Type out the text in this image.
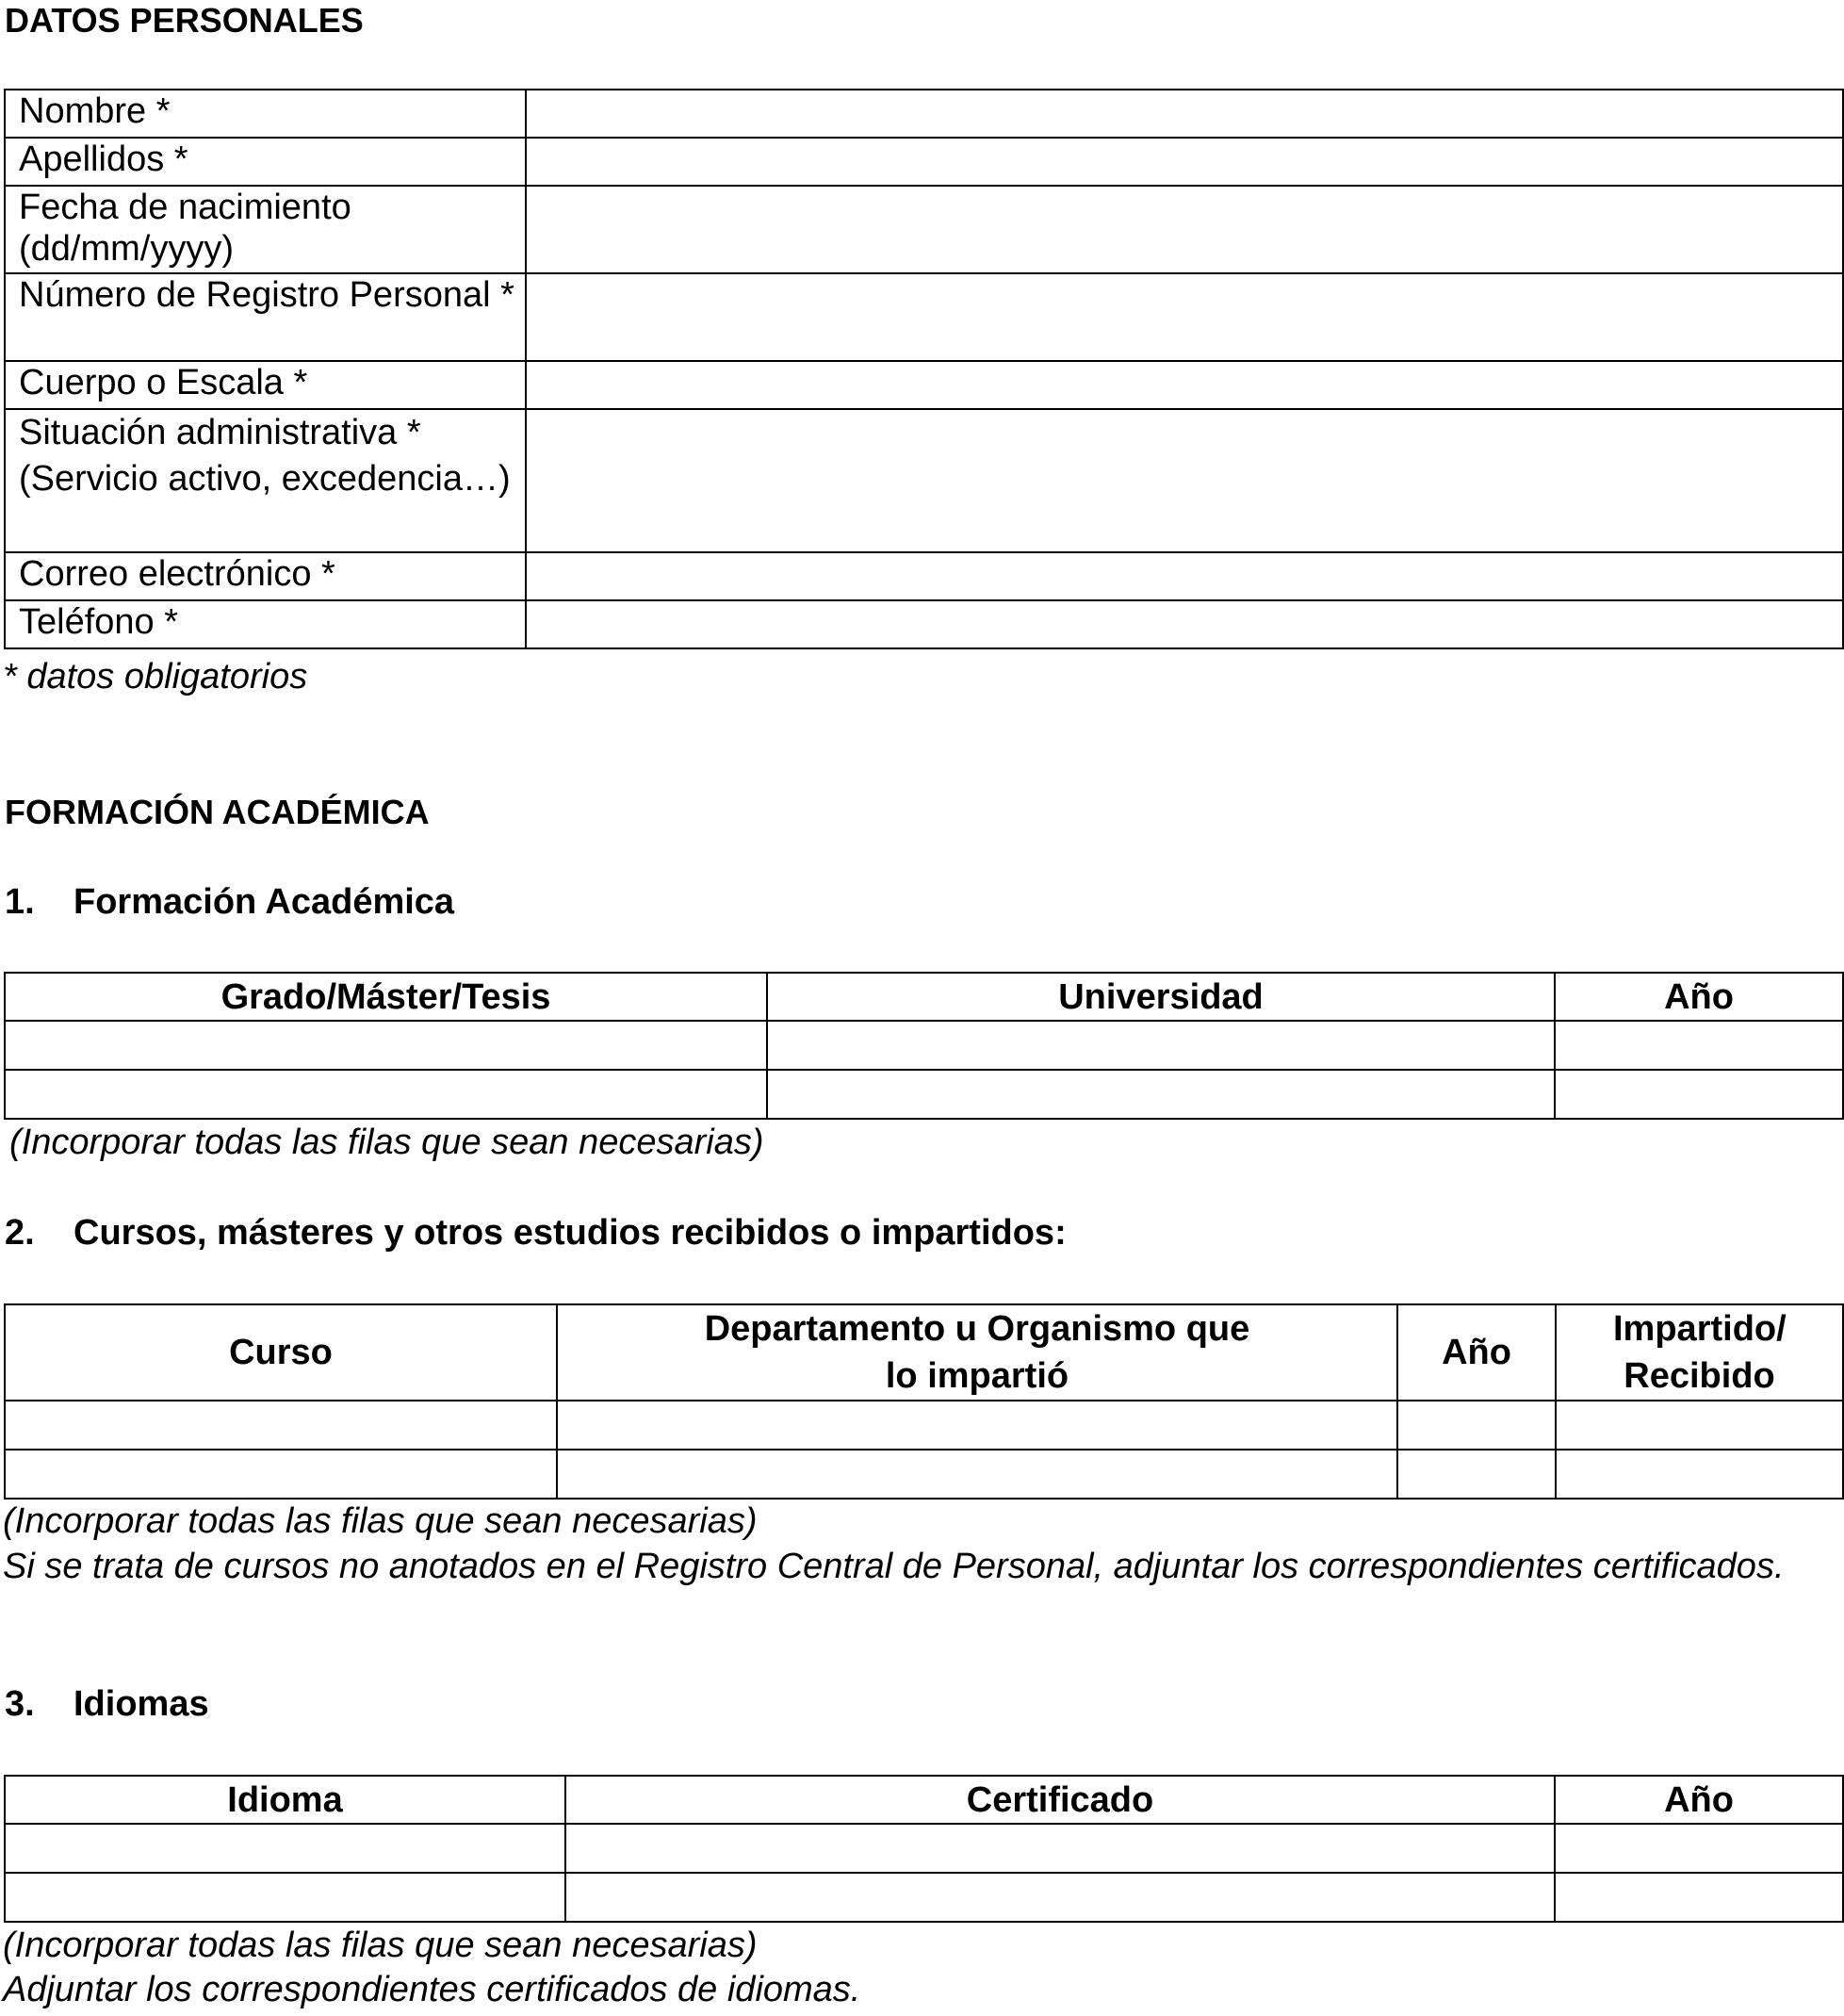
DATOS PERSONALES
Nombre *	
Apellidos *	
Fecha de nacimiento (dd/mm/yyyy)	
Número de Registro Personal *	
Cuerpo o Escala *	
Situación administrativa * (Servicio activo, excedencia…)	
Correo electrónico *	
Teléfono *	
* datos obligatorios
FORMACIÓN ACADÉMICA
1. Formación Académica
Grado/Máster/Tesis	Universidad	Año

(Incorporar todas las filas que sean necesarias)
2. Cursos, másteres y otros estudios recibidos o impartidos:
Curso	Departamento u Organismo que lo impartió	Año	Impartido/ Recibido

(Incorporar todas las filas que sean necesarias)
Si se trata de cursos no anotados en el Registro Central de Personal, adjuntar los correspondientes certificados.
3. Idiomas
Idioma	Certificado	Año

(Incorporar todas las filas que sean necesarias)
Adjuntar los correspondientes certificados de idiomas.
